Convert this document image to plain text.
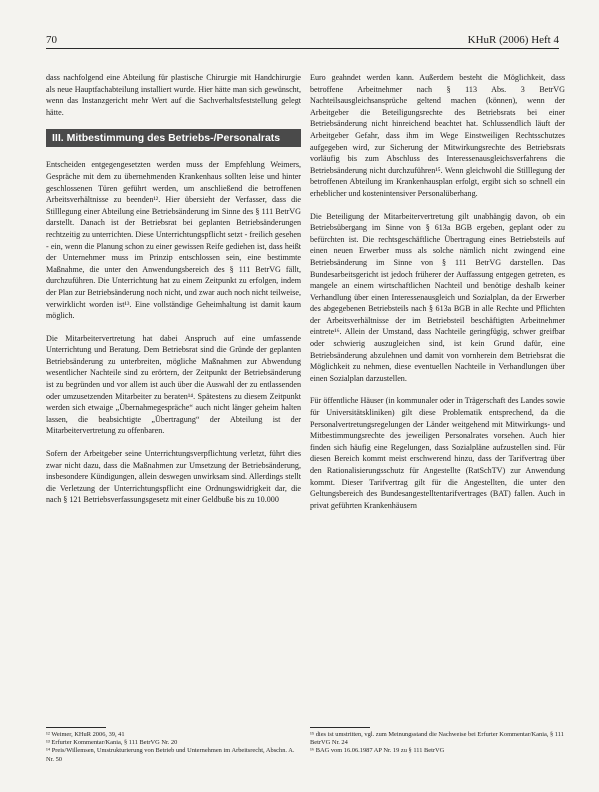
70	KHuR (2006) Heft 4

dass nachfolgend eine Abteilung für plastische Chirurgie mit Handchirurgie als neue Hauptfachabteilung installiert wurde. Hier hätte man sich gewünscht, wenn das Instanzgericht mehr Wert auf die Sachverhaltsfeststellung gelegt hätte.

III. Mitbestimmung des Betriebs-/Personalrats

Entscheiden entgegengesetzten werden muss der Empfehlung Weimers, Gespräche mit dem zu übernehmenden Krankenhaus sollten leise und hinter geschlossenen Türen geführt werden, um anschließend die betroffenen Arbeitsverhältnisse zu beenden¹². Hier übersieht der Verfasser, dass die Stilllegung einer Abteilung eine Betriebsänderung im Sinne des § 111 BetrVG darstellt. Danach ist der Betriebsrat bei geplanten Betriebsänderungen rechtzeitig zu unterrichten. Diese Unterrichtungspflicht setzt - freilich gesehen - ein, wenn die Planung schon zu einer gewissen Reife gediehen ist, dass heißt der Unternehmer muss im Prinzip entschlossen sein, eine bestimmte Maßnahme, die unter den Anwendungsbereich des § 111 BetrVG fällt, durchzuführen. Die Unterrichtung hat zu einem Zeitpunkt zu erfolgen, indem der Plan zur Betriebsänderung noch nicht, und zwar auch noch nicht teilweise, verwirklicht worden ist¹³. Eine vollständige Geheimhaltung ist damit kaum möglich.

Die Mitarbeitervertretung hat dabei Anspruch auf eine umfassende Unterrichtung und Beratung. Dem Betriebsrat sind die Gründe der geplanten Betriebsänderung zu unterbreiten, mögliche Maßnahmen zur Abwendung wesentlicher Nachteile sind zu erörtern, der Zeitpunkt der Betriebsänderung ist zu begründen und vor allem ist auch über die Auswahl der zu entlassenden oder umzusetzenden Mitarbeiter zu beraten¹⁴. Spätestens zu diesem Zeitpunkt werden sich etwaige „Übernahmegespräche“ auch nicht länger geheim halten lassen, die beabsichtigte „Übertragung“ der Abteilung ist der Mitarbeitervertretung zu offenbaren.

Sofern der Arbeitgeber seine Unterrichtungsverpflichtung verletzt, führt dies zwar nicht dazu, dass die Maßnahmen zur Umsetzung der Betriebsänderung, insbesondere Kündigungen, allein deswegen unwirksam sind. Allerdings stellt die Verletzung der Unterrichtungspflicht eine Ordnungswidrigkeit dar, die nach § 121 Betriebsverfassungsgesetz mit einer Geldbuße bis zu 10.000

Euro geahndet werden kann. Außerdem besteht die Möglichkeit, dass betroffene Arbeitnehmer nach § 113 Abs. 3 BetrVG Nachteilsausgleichsansprüche geltend machen (können), wenn der Arbeitgeber die Beteiligungsrechte des Betriebsrats bei einer Betriebsänderung nicht hinreichend beachtet hat. Schlussendlich läuft der Arbeitgeber Gefahr, dass ihm im Wege Einstweiligen Rechtsschutzes aufgegeben wird, zur Sicherung der Mitwirkungsrechte des Betriebsrats vorläufig bis zum Abschluss des Interessenausgleichsverfahrens die Betriebsänderung nicht durchzuführen¹⁵. Wenn gleichwohl die Stilllegung der betroffenen Abteilung im Krankenhausplan erfolgt, ergibt sich so schnell ein erheblicher und kostenintensiver Personalüberhang.

Die Beteiligung der Mitarbeitervertretung gilt unabhängig davon, ob ein Betriebsübergang im Sinne von § 613a BGB ergeben, geplant oder zu befürchten ist. Die rechtsgeschäftliche Übertragung eines Betriebsteils auf einen neuen Erwerber muss als solche nämlich nicht zwingend eine Betriebsänderung im Sinne von § 111 BetrVG darstellen. Das Bundesarbeitsgericht ist jedoch früherer der Auffassung entgegen getreten, es mangele an einem wirtschaftlichen Nachteil und benötige deshalb keiner Verhandlung über einen Interessenausgleich und Sozialplan, da der Erwerber des abgegebenen Betriebsteils nach § 613a BGB in alle Rechte und Pflichten der Arbeitsverhältnisse der im Betriebsteil beschäftigten Arbeitnehmer eintrete¹⁶. Allein der Umstand, dass Nachteile geringfügig, schwer greifbar oder schwierig auszugleichen sind, ist kein Grund dafür, eine Betriebsänderung abzulehnen und damit von vornherein dem Betriebsrat die Möglichkeit zu nehmen, diese eventuellen Nachteile in Verhandlungen über einen Sozialplan darzustellen.

Für öffentliche Häuser (in kommunaler oder in Trägerschaft des Landes sowie für Universitätskliniken) gilt diese Problematik entsprechend, da die Personalvertretungsregelungen der Länder weitgehend mit Mitwirkungs- und Mitbestimmungsrechte des jeweiligen Personalrates vorsehen. Auch hier finden sich häufig eine Regelungen, dass Sozialpläne aufzustellen sind. Für diesen Bereich kommt meist erschwerend hinzu, dass der Tarifvertrag über den Rationalisierungsschutz für Angestellte (RatSchTV) zur Anwendung kommt. Dieser Tarifvertrag gilt für die Angestellten, die unter den Geltungsbereich des Bundesangestelltentarifvertrages (BAT) fallen. Auch in privat geführten Krankenhäusern

¹² Weimer, KHuR 2006, 39, 41
¹³ Erfurter Kommentar/Kania, § 111 BetrVG Nr. 20
¹⁴ Preis/Willemsen, Umstrukturierung von Betrieb und Unternehmen im Arbeitsrecht, Abschn. A. Nr. 50
¹⁵ dies ist umstritten, vgl. zum Meinungsstand die Nachweise bei Erfurter Kommentar/Kania, § 111 BetrVG Nr. 24
¹⁶ BAG vom 16.06.1987 AP Nr. 19 zu § 111 BetrVG
